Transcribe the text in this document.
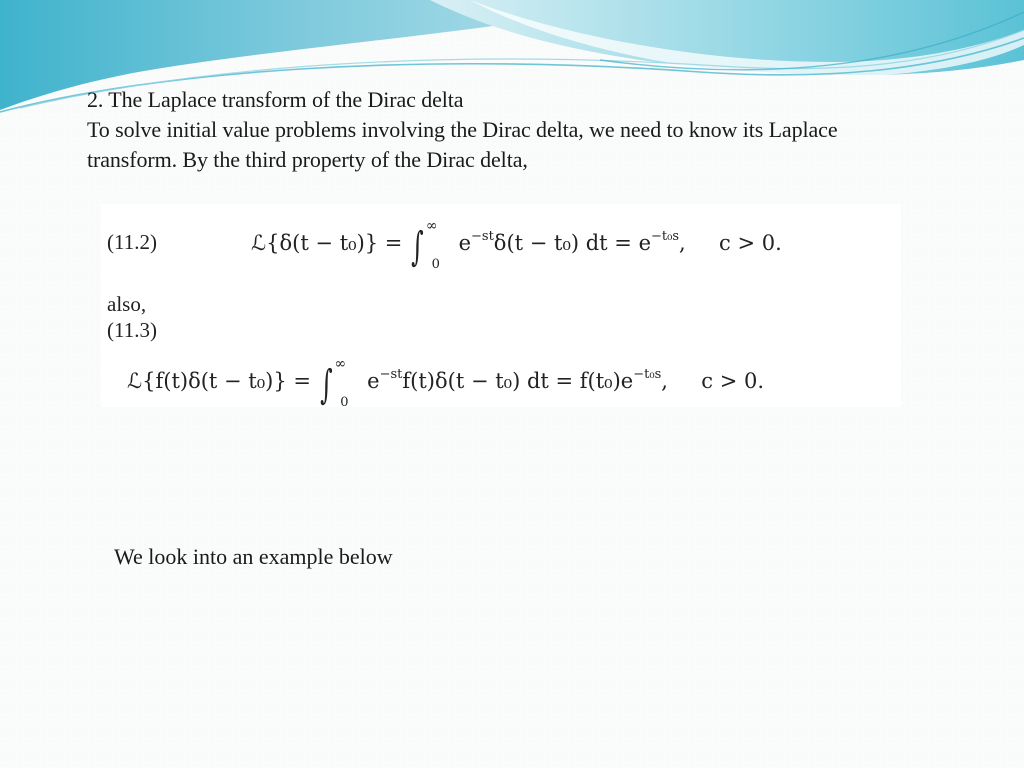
2. The Laplace transform of the Dirac delta
To solve initial value problems involving the Dirac delta, we need to know its Laplace
transform. By the third property of the Dirac delta,
(11.2)	ℒ{δ(t − t₀)} = ∫ ∞0 $e^{-st}\delta(t - t_0)$ dt = $e^{-t_0s}$,     c > 0.
also,
(11.3)
ℒ{f(t)δ(t − t₀)} = ∫ ∞0 $e^{-st}f(t)\delta(t - t_0)$ dt = $f(t_0)e^{-t_0s}$,     c > 0.
We look into an example below
